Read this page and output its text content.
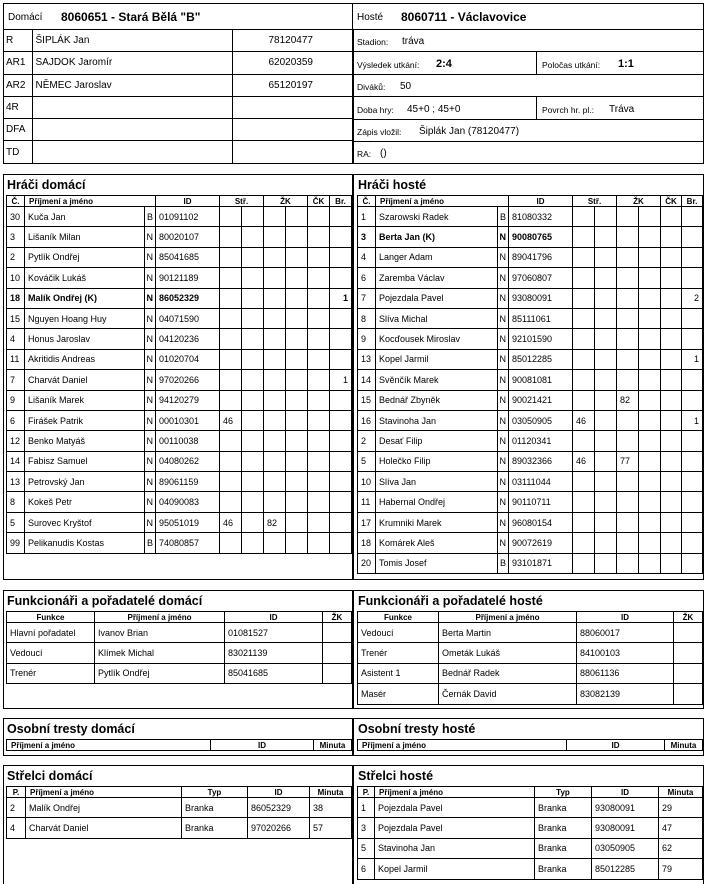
Domácí 8060651 - Stará Bělá "B"
R	ŠIPLÁK Jan	78120477
AR1	SAJDOK Jaromír	62020359
AR2	NĚMEC Jaroslav	65120197
4R		
DFA		
TD		
Hosté 8060711 - Václavovice
Stadion: tráva
Výsledek utkání: 2:4	Poločas utkání: 1:1
Diváků: 50
Doba hry: 45+0 ; 45+0	Povrch hr. pl.: Tráva
Zápis vložil: Šiplák Jan (78120477)
RA: ()
Hráči domácí
Č.	Příjmení a jméno		ID	Stř.		ŽK		ČK	Br.
30	Kuča Jan	B	01091102						
3	Lišaník Milan	N	80020107						
2	Pytlík Ondřej	N	85041685						
10	Kováčik Lukáš	N	90121189						
18	Malík Ondřej (K)	N	86052329						1
15	Nguyen Hoang Huy	N	04071590						
4	Honus Jaroslav	N	04120236						
11	Akritidis Andreas	N	01020704						
7	Charvát Daniel	N	97020266						1
9	Lišaník Marek	N	94120279						
6	Firášek Patrik	N	00010301	46					
12	Benko Matyáš	N	00110038						
14	Fabisz Samuel	N	04080262						
13	Petrovský Jan	N	89061159						
8	Kokeš Petr	N	04090083						
5	Surovec Kryštof	N	95051019	46		82			
99	Pelikanudis Kostas	B	74080857						
Hráči hosté
Č.	Příjmení a jméno		ID	Stř.		ŽK		ČK	Br.
1	Szarowski Radek	B	81080332						
3	Berta Jan (K)	N	90080765						
4	Langer Adam	N	89041796						
6	Zaremba Václav	N	97060807						
7	Pojezdala Pavel	N	93080091						2
8	Slíva Michal	N	85111061						
9	Kocďousek Miroslav	N	92101590						
13	Kopel Jarmil	N	85012285						1
14	Svěnčík Marek	N	90081081						
15	Bednář Zbyněk	N	90021421			82			
16	Stavinoha Jan	N	03050905	46					1
2	Desať Filip	N	01120341						
5	Holečko Filip	N	89032366	46		77			
10	Slíva Jan	N	03111044						
11	Habernal Ondřej	N	90110711						
17	Krumniki Marek	N	96080154						
18	Komárek Aleš	N	90072619						
20	Tomis Josef	B	93101871						
Funkcionáři a pořadatelé domácí
Funkce	Příjmení a jméno	ID	ŽK
Hlavní pořadatel	Ivanov Brian	01081527	
Vedoucí	Klímek Michal	83021139	
Trenér	Pytlík Ondřej	85041685	
Funkcionáři a pořadatelé hosté
Funkce	Příjmení a jméno	ID	ŽK
Vedoucí	Berta Martin	88060017	
Trenér	Ometák Lukáš	84100103	
Asistent 1	Bednář Radek	88061136	
Masér	Černák David	83082139	
Osobní tresty domácí
Příjmení a jméno	ID	Minuta
Osobní tresty hosté
Příjmení a jméno	ID	Minuta
Střelci domácí
P.	Příjmení a jméno	Typ	ID	Minuta
2	Malík Ondřej	Branka	86052329	38
4	Charvát Daniel	Branka	97020266	57
Střelci hosté
P.	Příjmení a jméno	Typ	ID	Minuta
1	Pojezdala Pavel	Branka	93080091	29
3	Pojezdala Pavel	Branka	93080091	47
5	Stavinoha Jan	Branka	03050905	62
6	Kopel Jarmil	Branka	85012285	79
